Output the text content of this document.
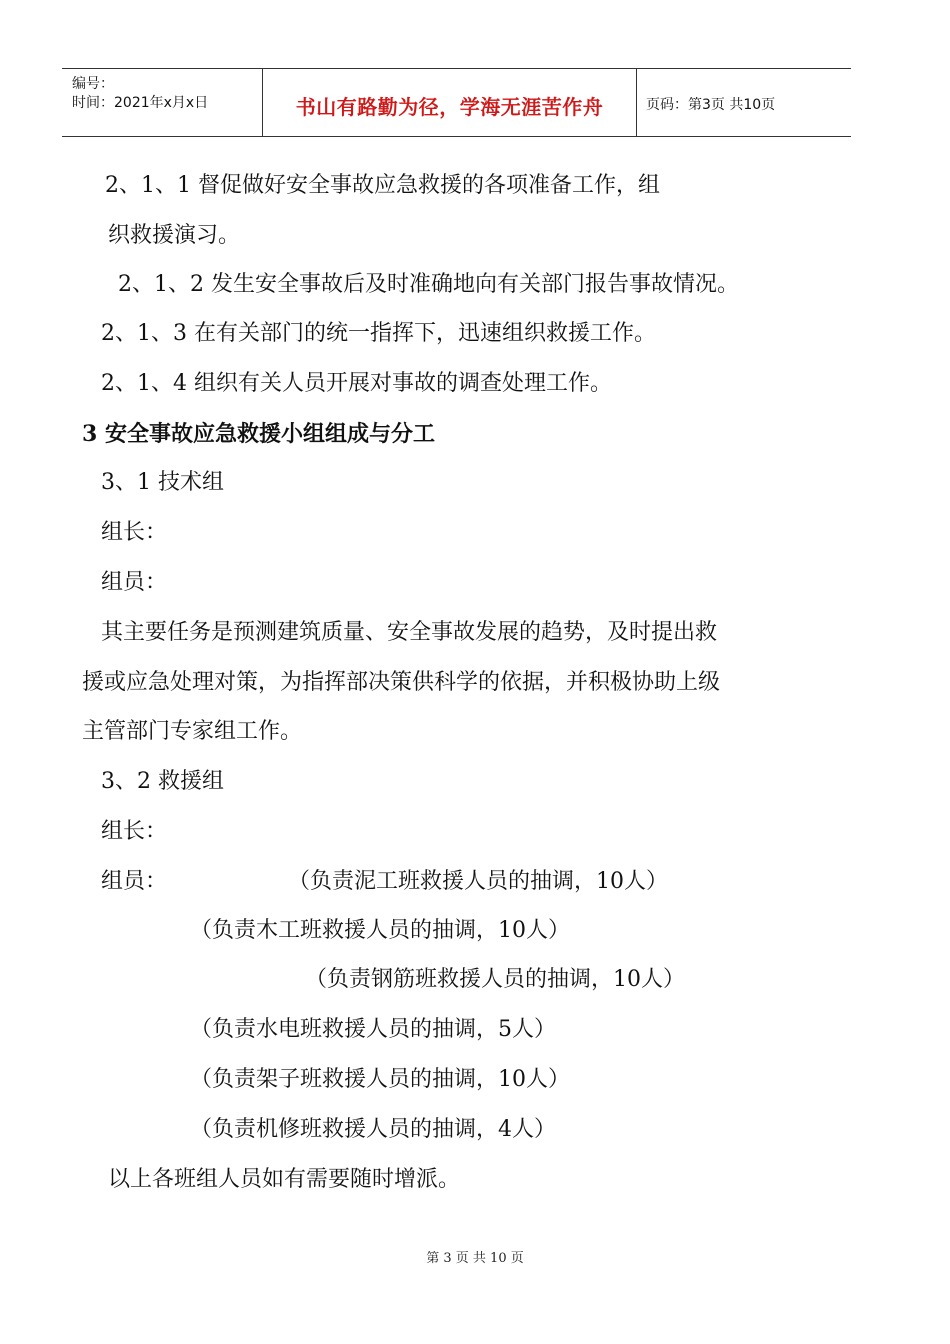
编号：
时间：2021年x月x日	书山有路勤为径，学海无涯苦作舟	页码：第3页 共10页
2、1、1 督促做好安全事故应急救援的各项准备工作，组
织救援演习。
2、1、2 发生安全事故后及时准确地向有关部门报告事故情况。
2、1、3 在有关部门的统一指挥下，迅速组织救援工作。
2、1、4 组织有关人员开展对事故的调查处理工作。
3 安全事故应急救援小组组成与分工
3、1 技术组
组长：
组员：
其主要任务是预测建筑质量、安全事故发展的趋势，及时提出救
援或应急处理对策，为指挥部决策供科学的依据，并积极协助上级
主管部门专家组工作。
3、2 救援组
组长：
组员：	（负责泥工班救援人员的抽调，10人）
（负责木工班救援人员的抽调，10人）
（负责钢筋班救援人员的抽调，10人）
（负责水电班救援人员的抽调，5人）
（负责架子班救援人员的抽调，10人）
（负责机修班救援人员的抽调，4人）
以上各班组人员如有需要随时增派。
第 3 页 共 10 页
